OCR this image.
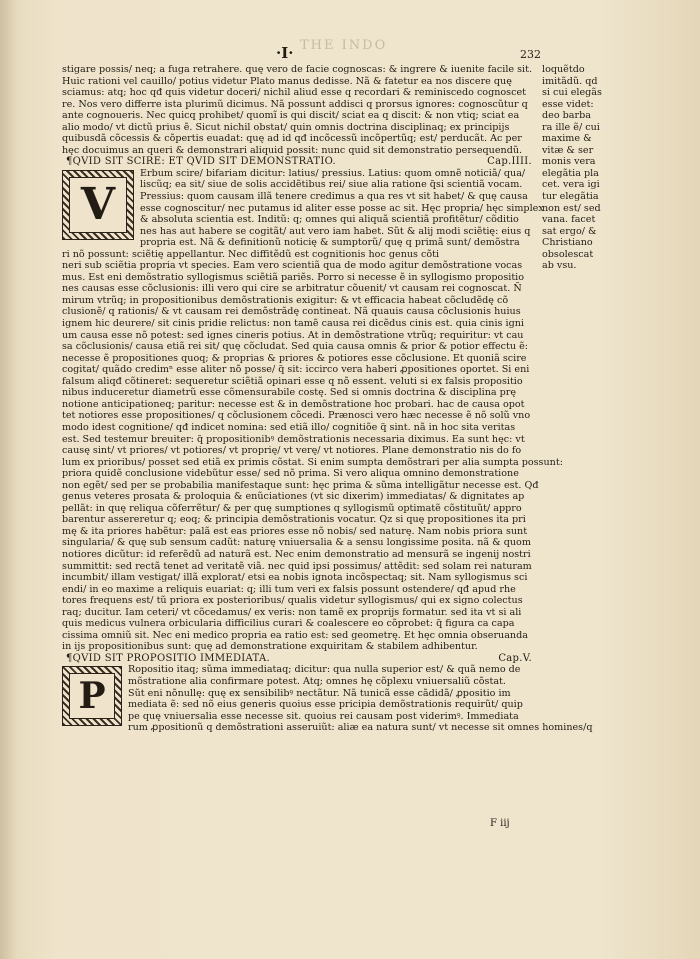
THE INDO
·I·	232

stigare possis/ neq; a fuga retrahere. quę vero de facie cognoscas: & ingrere & iuenite facile sit.
Huic rationi vel cauillo/ potius videtur Plato manus dedisse. Nã & fatetur ea nos discere quę
sciamus: atq; hoc qđ quis videtur doceri/ nichil aliud esse q recordari & reminiscedo cognoscet
re. Nos vero differre ista plurimũ dicimus. Nã possunt addisci q prorsus ignores: cognoscũtur q
ante cognoueris. Nec quicq prohibet/ quomĩ is qui discit/ sciat ea q discit: & non vtiq; sciat ea
alio modo/ vt dictũ prius ẽ. Sicut nichil obstat/ quin omnis doctrina disciplinaq; ex principijs
quibusdã cõcessis & cõpertis euadat: quę ad id qđ incõcessũ incõpertũq; est/ perducãt. Ac per
hęc docuimus an queri & demonstrari aliquid possit: nunc quid sit demonstratio persequendũ.

¶QVID SIT SCIRE: ET QVID SIT DEMONSTRATIO.	Cap.IIII.
V
Erbum scire/ bifariam dicitur: latius/ pressius. Latius: quom omnẽ noticiã/ qua/
liscũq; ea sit/ siue de solis accidẽtibus rei/ siue alia ratione q̃si scientiã vocam.
Pressius: quom causam illã tenere credimus a qua res vt sit habet/ & quę causa
esse cognoscitur/ nec putamus id aliter esse posse ac sit. Hęc propria/ hęc simplex
& absoluta scientia est. Inditũ: q; omnes qui aliquã scientiã profitẽtur/ cõditio
nes has aut habere se cogitãt/ aut vero iam habet. Sũt & alij modi sciẽtię: eius q
propria est. Nã & definitionũ noticię & sumptorũ/ quę q primã sunt/ demõstra
ri nõ possunt: sciẽtię appellantur. Nec diffitẽdũ est cognitionis hoc genus cõti
neri sub sciẽtia propria vt species. Eam vero scientiã qua de modo agitur demõstratione vocas
mus. Est eni demõstratio syllogismus sciẽtiã pariẽs. Porro si necesse ẽ in syllogismo propositio
nes causas esse cõclusionis: illi vero qui cire se arbitratur cõuenit/ vt causam rei cognoscat. Ñ
mirum vtrũq; in propositionibus demõstrationis exigitur: & vt efficacia habeat cõcludẽdę cõ
clusionẽ/ q rationis/ & vt causam rei demõstrãdę contineat. Nã quauis causa cõclusionis huius
ignem hic deurere/ sit cinis pridie relictus: non tamẽ causa rei dicẽdus cinis est. quia cinis igni
um causa esse nõ potest: sed ignes cineris potius. At in demõstratione vtrũq; requiritur: vt cau
sa cõclusionis/ causa etiã rei sit/ quę cõcludat. Sed quia causa omnis & prior & potior effectu ẽ:
necesse ẽ propositiones quoq; & proprias & priores & potiores esse cõclusione. Et quoniã scire
cogitat/ quãdo credimⁿ esse aliter nõ posse/ q̃ sit: iccirco vera haberi ꝓpositiones oportet. Si eni
falsum aliqđ cõtineret: sequeretur sciẽtiã opinari esse q nõ essent. veluti si ex falsis propositio
nibus induceretur diametrũ esse cõmensurabile costę. Sed si omnis doctrina & disciplina prę
notione anticipationeq; paritur: necesse est & in demõstratione hoc probari. hac de causa opot
tet notiores esse propositiones/ q cõclusionem cõcedi. Prænosci vero hæc necesse ẽ nõ solũ vno
modo idest cognitione/ qđ indicet nomina: sed etiã illo/ cognitiõe q̃ sint. nã in hoc sita veritas
est. Sed testemur breuiter: q̃ propositionibꝰ demõstrationis necessaria diximus. Ea sunt hęc: vt
causę sint/ vt priores/ vt potiores/ vt proprię/ vt verę/ vt notiores. Plane demonstratio nis do fo
lum ex prioribus/ posset sed etiã ex primis cõstat. Si enim sumpta demõstrari per alia sumpta possunt:
priora quidẽ conclusione videbũtur esse/ sed nõ prima. Si vero aliqua omnino demonstratione
non egẽt/ sed per se probabilia manifestaque sunt: hęc prima & sũma intelligãtur necesse est. Qđ
genus veteres prosata & proloquia & enũciationes (vt sic dixerim) immediatas/ & dignitates ap
pellãt: in quę reliqua cõferrẽtur/ & per quę sumptiones q syllogismũ optimatẽ cõstituũt/ appro
barentur assereretur q; eoq; & principia demõstrationis vocatur. Qz si quę propositiones ita pri
mę & ita priores habẽtur: palã est eas priores esse nõ nobis/ sed naturę. Nam nobis priora sunt
singularia/ & quę sub sensum cadũt: naturę vniuersalia & a sensu longissime posita. nã & quom
notiores dicũtur: id referẽdũ ad naturã est. Nec enim demonstratio ad mensurã se ingenij nostri
summittit: sed rectã tenet ad veritatẽ viã. nec quid ipsi possimus/ attẽdit: sed solam rei naturam
incumbit/ illam vestigat/ illã explorat/ etsi ea nobis ignota incõspectaq; sit. Nam syllogismus sci
endi/ in eo maxime a reliquis euariat: q; illi tum veri ex falsis possunt ostendere/ qđ apud rhe
tores frequens est/ tũ priora ex posterioribus/ qualis videtur syllogismus/ qui ex signo colectus
raq; ducitur. Iam ceteri/ vt cõcedamus/ ex veris: non tamẽ ex proprijs formatur. sed ita vt si ali
quis medicus vulnera orbicularia difficilius curari & coalescere eo cõprobet: q̃ figura ca capa
cissima omniũ sit. Nec eni medico propria ea ratio est: sed geometrę. Et hęc omnia obseruanda
in ijs propositionibus sunt: quę ad demonstratione exquiritam & stabilem adhibentur.
¶QVID SIT PROPOSITIO IMMEDIATA.	Cap.V.
P
Ropositio itaq; sũma immediataq; dicitur: qua nulla superior est/ & quã nemo de
mõstratione alia confirmare potest. Atq; omnes hę cõplexu vniuersaliũ cõstat.
Sũt eni nõnullę: quę ex sensibilibꝰ nectãtur. Nã tunicã esse cãdidã/ ꝓpositio im
mediata ẽ: sed nõ eius generis quoius esse pricipia demõstrationis requirũt/ quip
pe quę vniuersalia esse necesse sit. quoius rei causam post viderimꝰ. Immediata
rum ꝓpositionũ q demõstrationi asseruiũt: aliæ ea natura sunt/ vt necesse sit omnes homines/q

loquẽtdo

imitãdũ. qd

si cui elegãs

esse videt:

deo barba

ra ille ẽ/ cui

maxime &

vitæ & ser

monis vera

elegãtia pla

cet. vera igi

tur elegãtia

non est/ sed

vana. facet

sat ergo/ &

Christiano

obsolescat

ab vsu.

F iij
